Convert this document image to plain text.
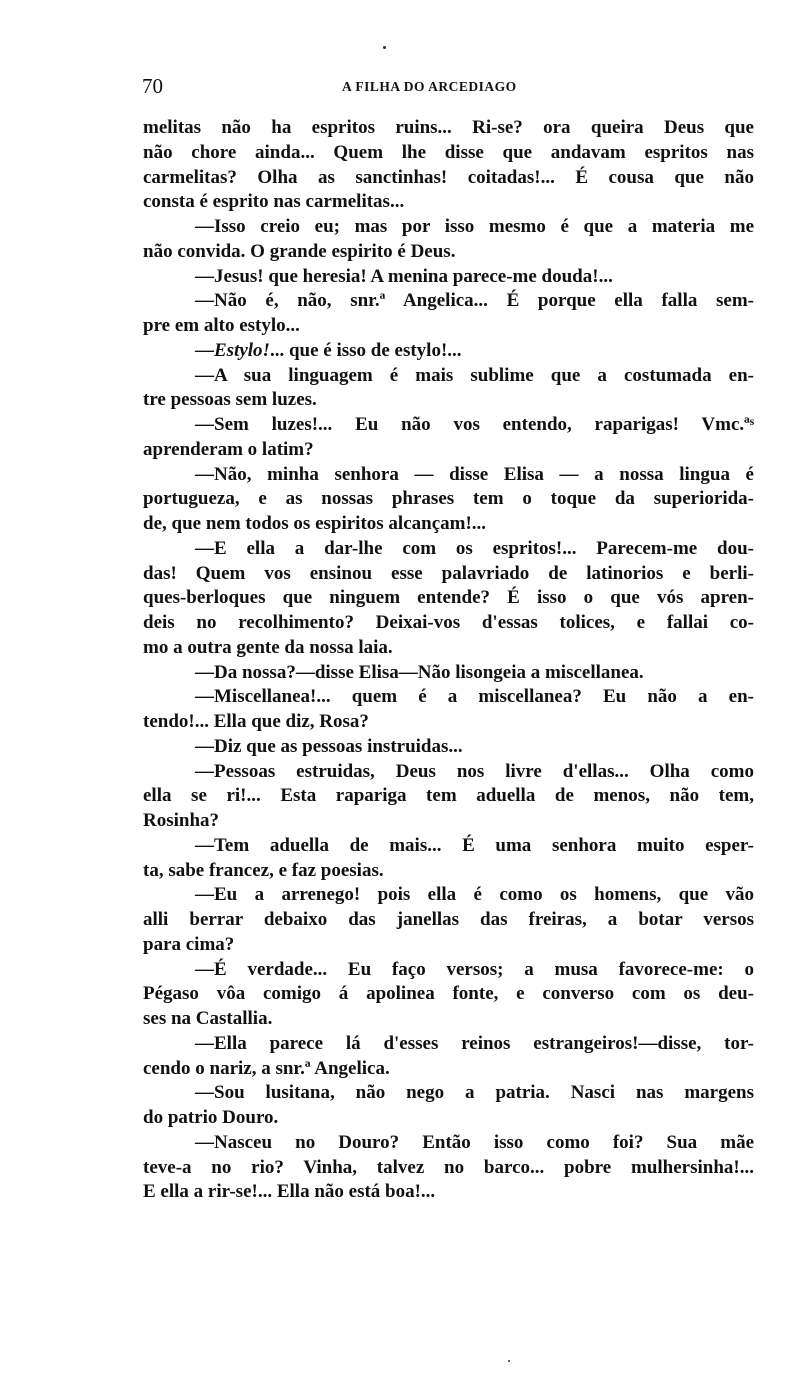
70	A FILHA DO ARCEDIAGO
melitas não ha espritos ruins... Ri-se? ora queira Deus que
não chore ainda... Quem lhe disse que andavam espritos nas
carmelitas? Olha as sanctinhas! coitadas!... É cousa que não
consta é esprito nas carmelitas...
—Isso creio eu; mas por isso mesmo é que a materia me
não convida. O grande espirito é Deus.
—Jesus! que heresia! A menina parece-me douda!...
—Não é, não, snr.ª Angelica... É porque ella falla sem-
pre em alto estylo...
—Estylo!... que é isso de estylo!...
—A sua linguagem é mais sublime que a costumada en-
tre pessoas sem luzes.
—Sem luzes!... Eu não vos entendo, raparigas! Vmc.ªˢ
aprenderam o latim?
—Não, minha senhora — disse Elisa — a nossa lingua é
portugueza, e as nossas phrases tem o toque da superiorida-
de, que nem todos os espiritos alcançam!...
—E ella a dar-lhe com os espritos!... Parecem-me dou-
das! Quem vos ensinou esse palavriado de latinorios e berli-
ques-berloques que ninguem entende? É isso o que vós apren-
deis no recolhimento? Deixai-vos d'essas tolices, e fallai co-
mo a outra gente da nossa laia.
—Da nossa?—disse Elisa—Não lisongeia a miscellanea.
—Miscellanea!... quem é a miscellanea? Eu não a en-
tendo!... Ella que diz, Rosa?
—Diz que as pessoas instruidas...
—Pessoas estruidas, Deus nos livre d'ellas... Olha como
ella se ri!... Esta rapariga tem aduella de menos, não tem,
Rosinha?
—Tem aduella de mais... É uma senhora muito esper-
ta, sabe francez, e faz poesias.
—Eu a arrenego! pois ella é como os homens, que vão
alli berrar debaixo das janellas das freiras, a botar versos
para cima?
—É verdade... Eu faço versos; a musa favorece-me: o
Pégaso vôa comigo á apolinea fonte, e converso com os deu-
ses na Castallia.
—Ella parece lá d'esses reinos estrangeiros!—disse, tor-
cendo o nariz, a snr.ª Angelica.
—Sou lusitana, não nego a patria. Nasci nas margens
do patrio Douro.
—Nasceu no Douro? Então isso como foi? Sua mãe
teve-a no rio? Vinha, talvez no barco... pobre mulhersinha!...
E ella a rir-se!... Ella não está boa!...
